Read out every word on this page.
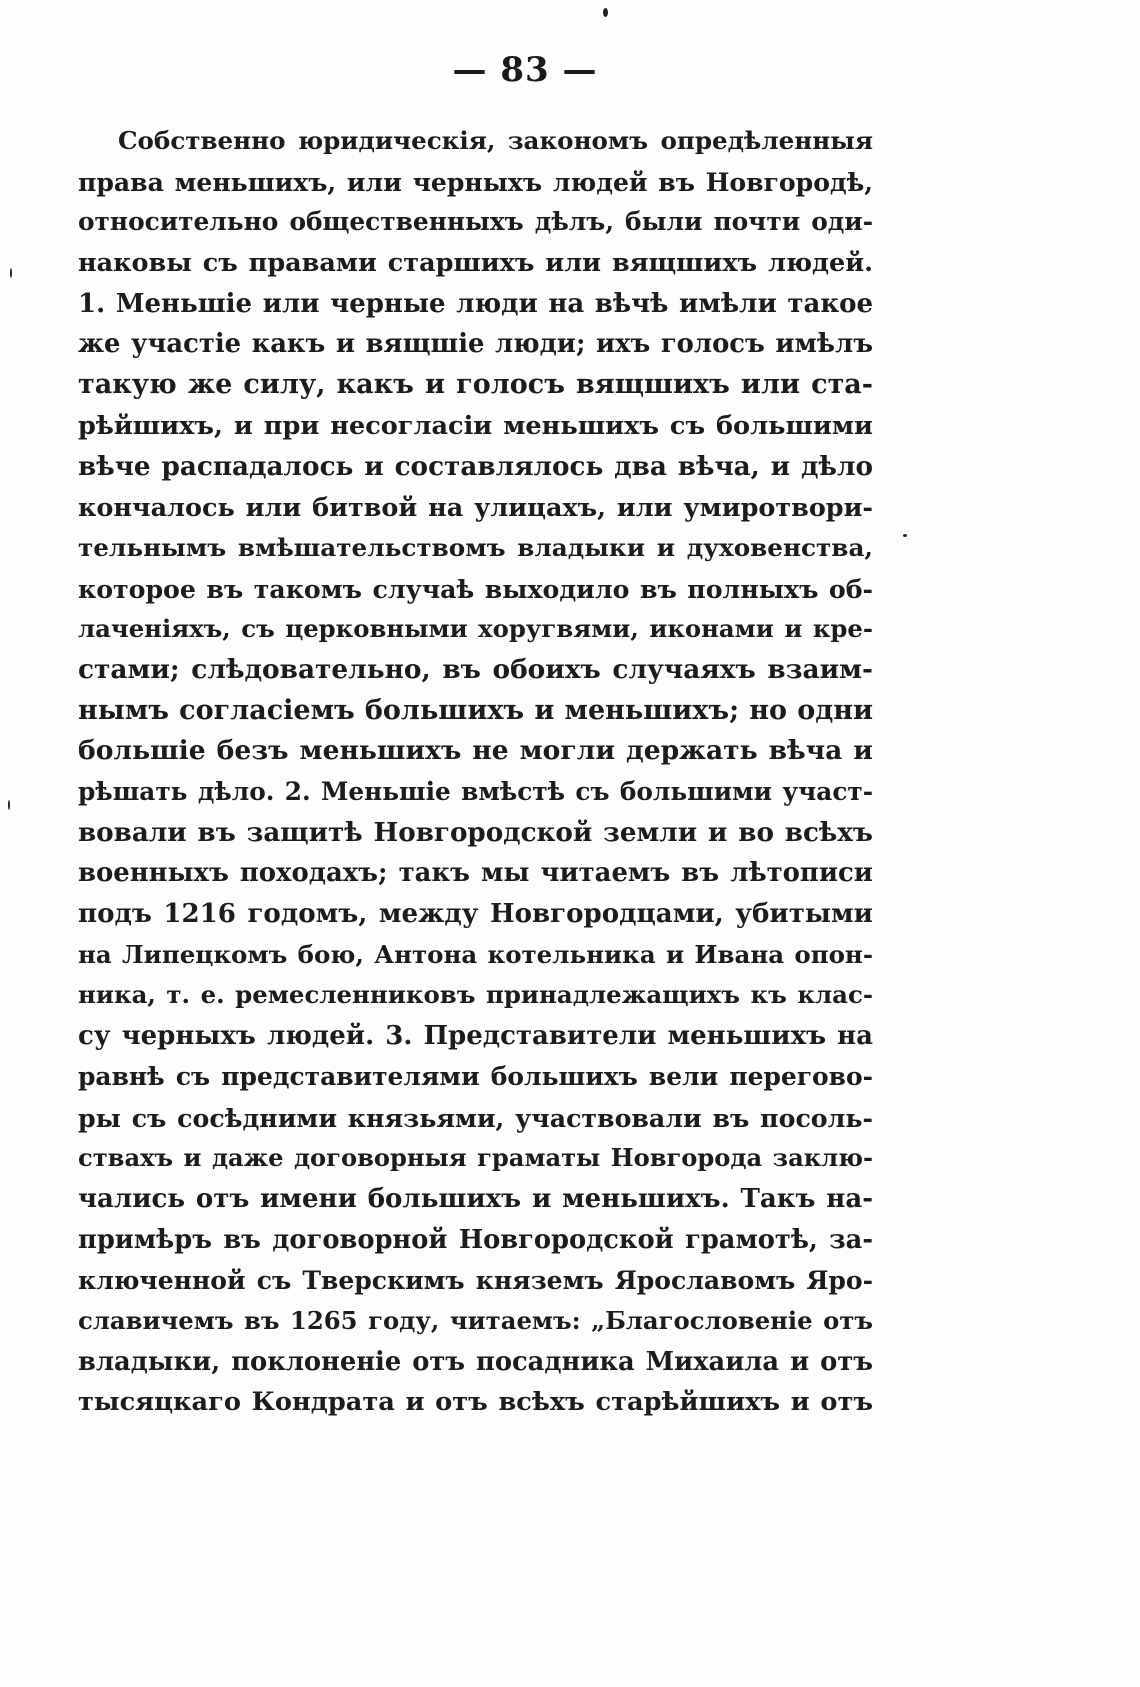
— 83 —
Собственно юридическія, закономъ опредѣленныя
права меньшихъ, или черныхъ людей въ Новгородѣ,
относительно общественныхъ дѣлъ, были почти оди-
наковы съ правами старшихъ или вящшихъ людей.
1. Меньшіе или черные люди на вѣчѣ имѣли такое
же участіе какъ и вящшіе люди; ихъ голосъ имѣлъ
такую же силу, какъ и голосъ вящшихъ или ста-
рѣйшихъ, и при несогласіи меньшихъ съ большими
вѣче распадалось и составлялось два вѣча, и дѣло
кончалось или битвой на улицахъ, или умиротвори-
тельнымъ вмѣшательствомъ владыки и духовенства,
которое въ такомъ случаѣ выходило въ полныхъ об-
лаченіяхъ, съ церковными хоругвями, иконами и кре-
стами; слѣдовательно, въ обоихъ случаяхъ взаим-
нымъ согласіемъ большихъ и меньшихъ; но одни
большіе безъ меньшихъ не могли держать вѣча и
рѣшать дѣло. 2. Меньшіе вмѣстѣ съ большими участ-
вовали въ защитѣ Новгородской земли и во всѣхъ
военныхъ походахъ; такъ мы читаемъ въ лѣтописи
подъ 1216 годомъ, между Новгородцами, убитыми
на Липецкомъ бою, Антона котельника и Ивана опон-
ника, т. е. ремесленниковъ принадлежащихъ къ клас-
су черныхъ людей. 3. Представители меньшихъ на
равнѣ съ представителями большихъ вели перегово-
ры съ сосѣдними князьями, участвовали въ посоль-
ствахъ и даже договорныя граматы Новгорода заклю-
чались отъ имени большихъ и меньшихъ. Такъ на-
примѣръ въ договорной Новгородской грамотѣ, за-
ключенной съ Тверскимъ княземъ Ярославомъ Яро-
славичемъ въ 1265 году, читаемъ: „Благословеніе отъ
владыки, поклоненіе отъ посадника Михаила и отъ
тысяцкаго Кондрата и отъ всѣхъ старѣйшихъ и отъ
